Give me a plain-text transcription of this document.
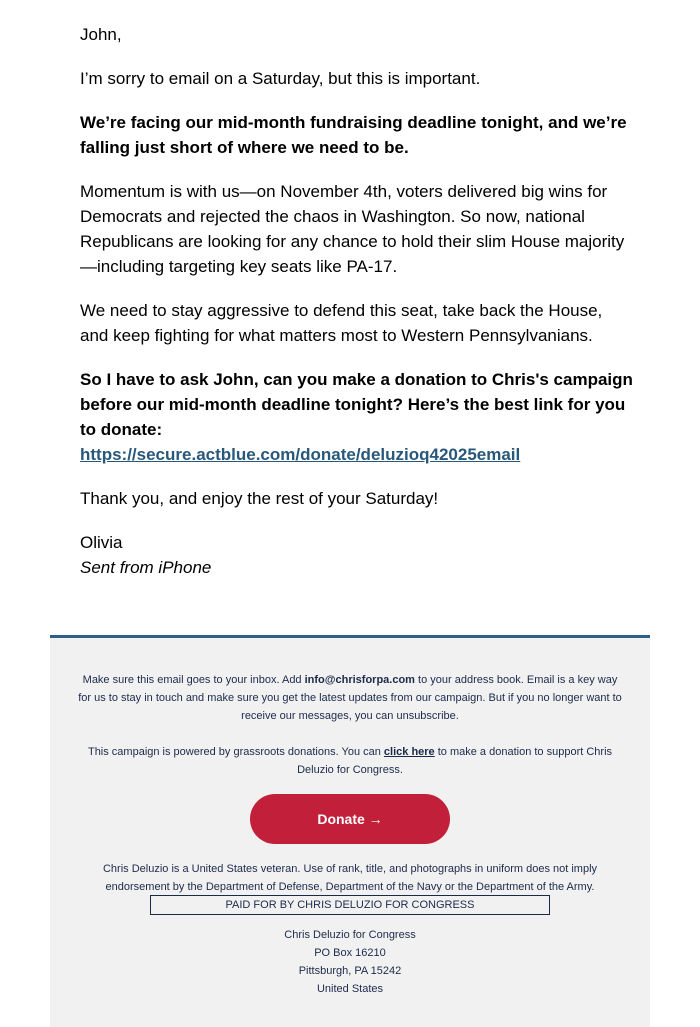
John,

I’m sorry to email on a Saturday, but this is important.

We’re facing our mid-month fundraising deadline tonight, and we’re falling just short of where we need to be.

Momentum is with us—on November 4th, voters delivered big wins for Democrats and rejected the chaos in Washington. So now, national Republicans are looking for any chance to hold their slim House majority—including targeting key seats like PA-17.

We need to stay aggressive to defend this seat, take back the House, and keep fighting for what matters most to Western Pennsylvanians.

So I have to ask John, can you make a donation to Chris's campaign before our mid-month deadline tonight? Here’s the best link for you to donate:
https://secure.actblue.com/donate/deluzioq42025email

Thank you, and enjoy the rest of your Saturday!

Olivia
Sent from iPhone

Make sure this email goes to your inbox. Add info@chrisforpa.com to your address book. Email is a key way for us to stay in touch and make sure you get the latest updates from our campaign. But if you no longer want to receive our messages, you can unsubscribe.

This campaign is powered by grassroots donations. You can click here to make a donation to support Chris Deluzio for Congress.

Donate →

Chris Deluzio is a United States veteran. Use of rank, title, and photographs in uniform does not imply endorsement by the Department of Defense, Department of the Navy or the Department of the Army.

PAID FOR BY CHRIS DELUZIO FOR CONGRESS
Chris Deluzio for Congress
PO Box 16210
Pittsburgh, PA 15242
United States
